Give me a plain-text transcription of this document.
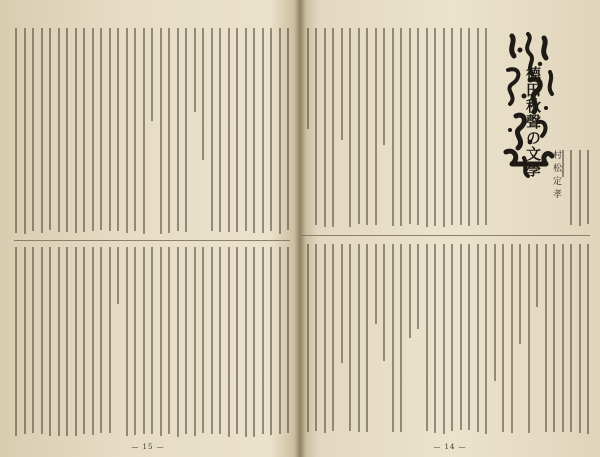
— 15 —
德田秋聲の文學 村松定孝
— 14 —
